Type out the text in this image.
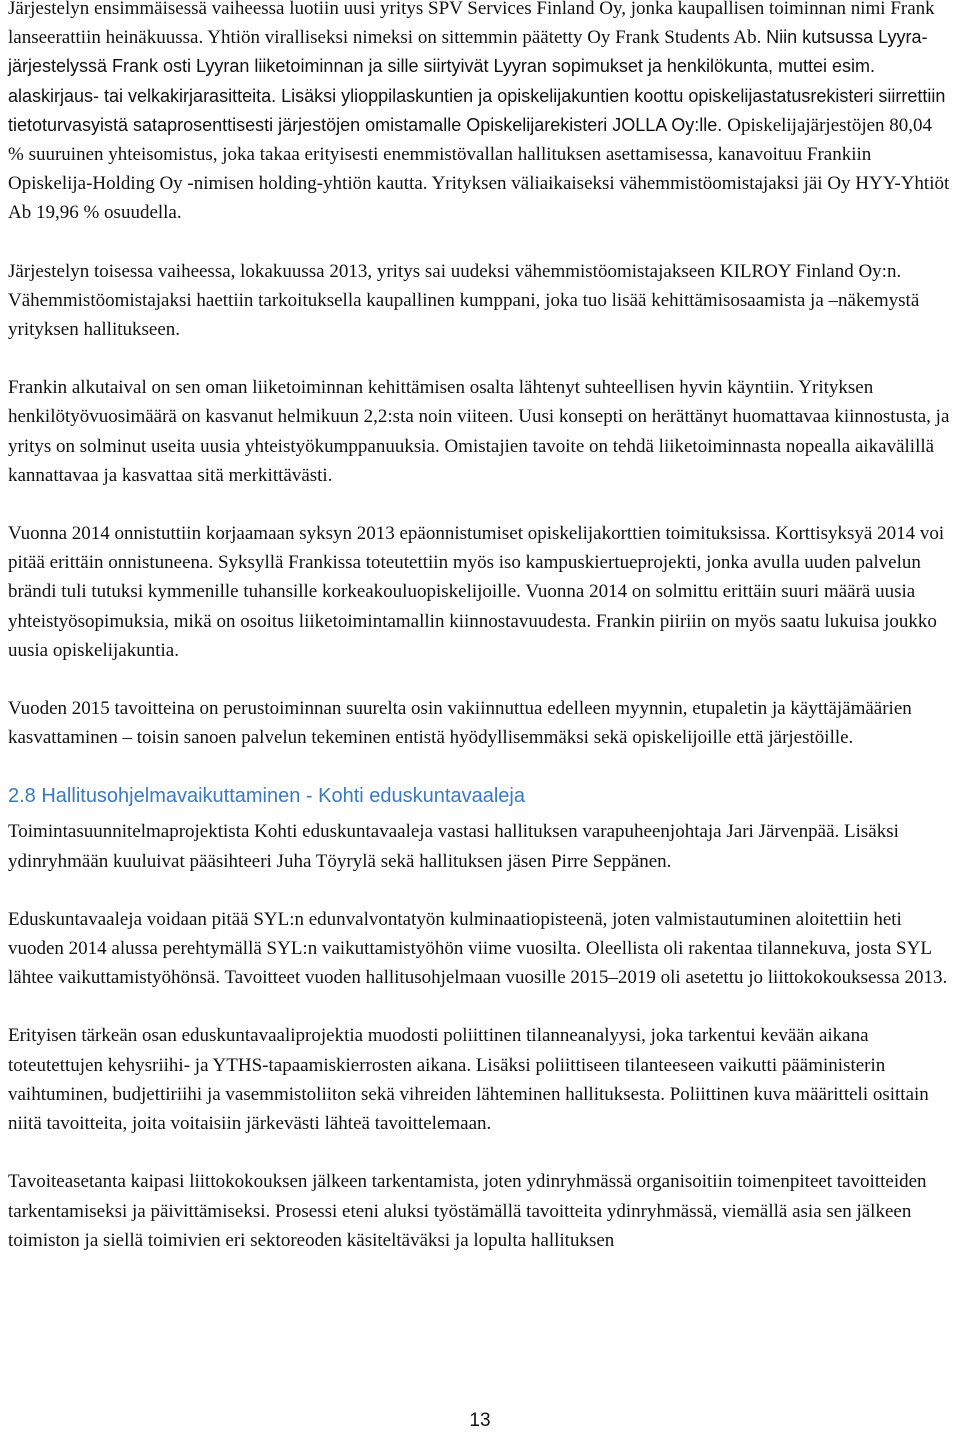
Järjestelyn ensimmäisessä vaiheessa luotiin uusi yritys SPV Services Finland Oy, jonka kaupallisen toiminnan nimi Frank lanseerattiin heinäkuussa. Yhtiön viralliseksi nimeksi on sittemmin päätetty Oy Frank Students Ab. Niin kutsussa Lyyra-järjestelyssä Frank osti Lyyran liiketoiminnan ja sille siirtyivät Lyyran sopimukset ja henkilökunta, muttei esim. alaskirjaus- tai velkakirjarasitteita. Lisäksi ylioppilaskuntien ja opiskelijakuntien koottu opiskelijastatusrekisteri siirrettiin tietoturvasyistä sataprosenttisesti järjestöjen omistamalle Opiskelijarekisteri JOLLA Oy:lle. Opiskelijajärjestöjen 80,04 % suuruinen yhteisomistus, joka takaa erityisesti enemmistövallan hallituksen asettamisessa, kanavoituu Frankiin Opiskelija-Holding Oy -nimisen holding-yhtiön kautta. Yrityksen väliaikaiseksi vähemmistöomistajaksi jäi Oy HYY-Yhtiöt Ab 19,96 % osuudella.

Järjestelyn toisessa vaiheessa, lokakuussa 2013, yritys sai uudeksi vähemmistöomistajakseen KILROY Finland Oy:n. Vähemmistöomistajaksi haettiin tarkoituksella kaupallinen kumppani, joka tuo lisää kehittämisosaamista ja –näkemystä yrityksen hallitukseen.

Frankin alkutaival on sen oman liiketoiminnan kehittämisen osalta lähtenyt suhteellisen hyvin käyntiin. Yrityksen henkilötyövuosimäärä on kasvanut helmikuun 2,2:sta noin viiteen. Uusi konsepti on herättänyt huomattavaa kiinnostusta, ja yritys on solminut useita uusia yhteistyökumppanuuksia. Omistajien tavoite on tehdä liiketoiminnasta nopealla aikavälillä kannattavaa ja kasvattaa sitä merkittävästi.

Vuonna 2014 onnistuttiin korjaamaan syksyn 2013 epäonnistumiset opiskelijakorttien toimituksissa. Korttisyksyä 2014 voi pitää erittäin onnistuneena. Syksyllä Frankissa toteutettiin myös iso kampuskiertueprojekti, jonka avulla uuden palvelun brändi tuli tutuksi kymmenille tuhansille korkeakouluopiskelijoille. Vuonna 2014 on solmittu erittäin suuri määrä uusia yhteistyösopimuksia, mikä on osoitus liiketoimintamallin kiinnostavuudesta. Frankin piiriin on myös saatu lukuisa joukko uusia opiskelijakuntia.

Vuoden 2015 tavoitteina on perustoiminnan suurelta osin vakiinnuttua edelleen myynnin, etupaletin ja käyttäjämäärien kasvattaminen – toisin sanoen palvelun tekeminen entistä hyödyllisemmäksi sekä opiskelijoille että järjestöille.

2.8 Hallitusohjelmavaikuttaminen - Kohti eduskuntavaaleja

Toimintasuunnitelmaprojektista Kohti eduskuntavaaleja vastasi hallituksen varapuheenjohtaja Jari Järvenpää. Lisäksi ydinryhmään kuuluivat pääsihteeri Juha Töyrylä sekä hallituksen jäsen Pirre Seppänen.

Eduskuntavaaleja voidaan pitää SYL:n edunvalvontatyön kulminaatiopisteenä, joten valmistautuminen aloitettiin heti vuoden 2014 alussa perehtymällä SYL:n vaikuttamistyöhön viime vuosilta. Oleellista oli rakentaa tilannekuva, josta SYL lähtee vaikuttamistyöhönsä. Tavoitteet vuoden hallitusohjelmaan vuosille 2015–2019 oli asetettu jo liittokokouksessa 2013.

Erityisen tärkeän osan eduskuntavaaliprojektia muodosti poliittinen tilanneanalyysi, joka tarkentui kevään aikana toteutettujen kehysriihi- ja YTHS-tapaamiskierrosten aikana. Lisäksi poliittiseen tilanteeseen vaikutti pääministerin vaihtuminen, budjettiriihi ja vasemmistoliiton sekä vihreiden lähteminen hallituksesta. Poliittinen kuva määritteli osittain niitä tavoitteita, joita voitaisiin järkevästi lähteä tavoittelemaan.

Tavoiteasetanta kaipasi liittokokouksen jälkeen tarkentamista, joten ydinryhmässä organisoitiin toimenpiteet tavoitteiden tarkentamiseksi ja päivittämiseksi. Prosessi eteni aluksi työstämällä tavoitteita ydinryhmässä, viemällä asia sen jälkeen toimiston ja siellä toimivien eri sektoreoden käsiteltäväksi ja lopulta hallituksen

13
